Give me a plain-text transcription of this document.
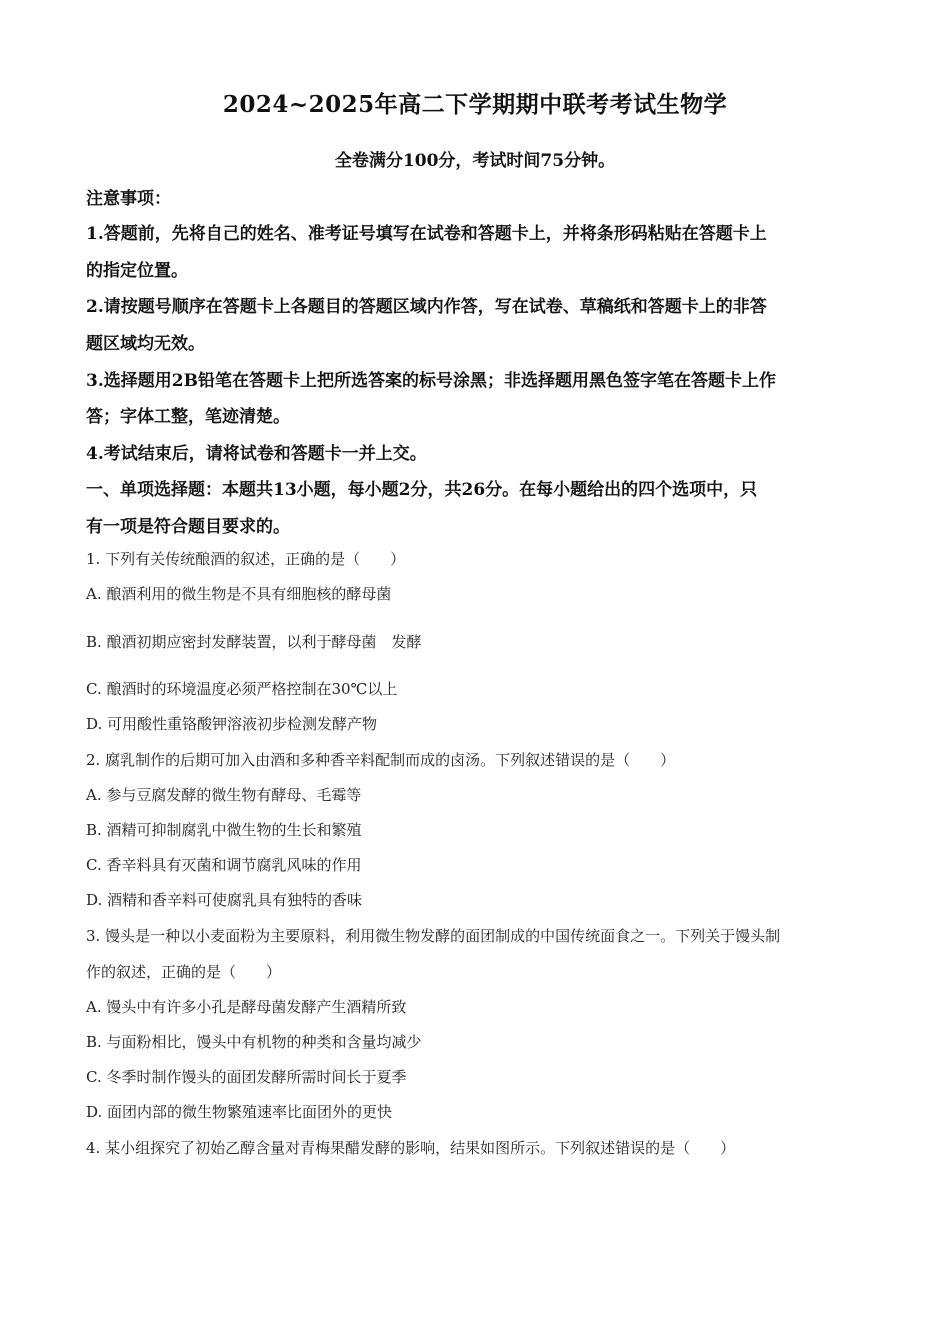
2024~2025年高二下学期期中联考考试生物学
全卷满分100分，考试时间75分钟。
注意事项：
1.答题前，先将自己的姓名、准考证号填写在试卷和答题卡上，并将条形码粘贴在答题卡上
的指定位置。
2.请按题号顺序在答题卡上各题目的答题区域内作答，写在试卷、草稿纸和答题卡上的非答
题区域均无效。
3.选择题用2B铅笔在答题卡上把所选答案的标号涂黑；非选择题用黑色签字笔在答题卡上作
答；字体工整，笔迹清楚。
4.考试结束后，请将试卷和答题卡一并上交。
一、单项选择题：本题共13小题，每小题2分，共26分。在每小题给出的四个选项中，只
有一项是符合题目要求的。
1. 下列有关传统酿酒的叙述，正确的是（　　）
A. 酿酒利用的微生物是不具有细胞核的酵母菌
B. 酿酒初期应密封发酵装置，以利于酵母菌　发酵
C. 酿酒时的环境温度必须严格控制在30℃以上
D. 可用酸性重铬酸钾溶液初步检测发酵产物
2. 腐乳制作的后期可加入由酒和多种香辛料配制而成的卤汤。下列叙述错误的是（　　）
A. 参与豆腐发酵的微生物有酵母、毛霉等
B. 酒精可抑制腐乳中微生物的生长和繁殖
C. 香辛料具有灭菌和调节腐乳风味的作用
D. 酒精和香辛料可使腐乳具有独特的香味
3. 馒头是一种以小麦面粉为主要原料，利用微生物发酵的面团制成的中国传统面食之一。下列关于馒头制
作的叙述，正确的是（　　）
A. 馒头中有许多小孔是酵母菌发酵产生酒精所致
B. 与面粉相比，馒头中有机物的种类和含量均减少
C. 冬季时制作馒头的面团发酵所需时间长于夏季
D. 面团内部的微生物繁殖速率比面团外的更快
4. 某小组探究了初始乙醇含量对青梅果醋发酵的影响，结果如图所示。下列叙述错误的是（　　）
